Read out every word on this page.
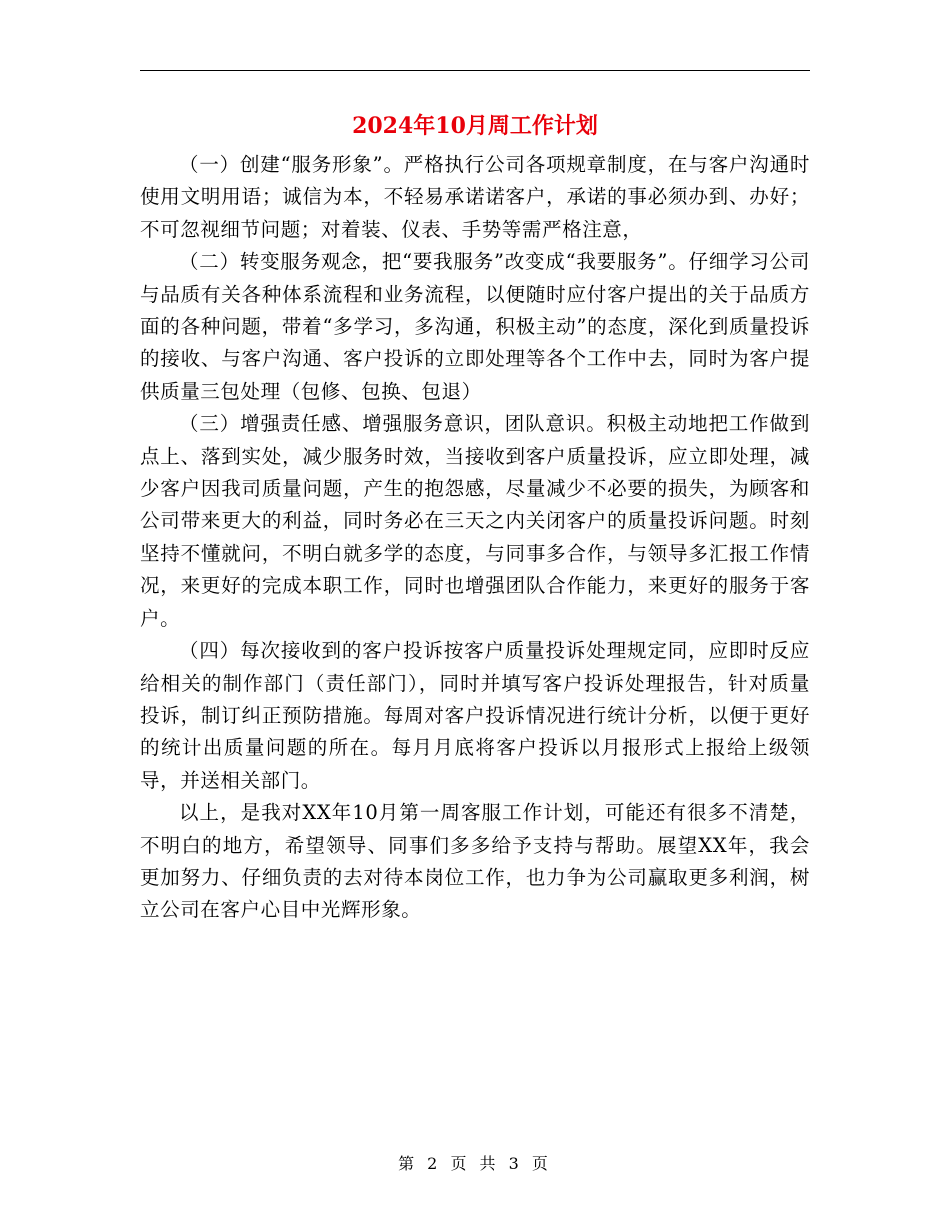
2024年10月周工作计划

（一）创建“服务形象”。严格执行公司各项规章制度，在与客户沟通时使用文明用语；诚信为本，不轻易承诺诺客户，承诺的事必须办到、办好；不可忽视细节问题；对着装、仪表、手势等需严格注意，

（二）转变服务观念，把“要我服务”改变成“我要服务”。仔细学习公司与品质有关各种体系流程和业务流程，以便随时应付客户提出的关于品质方面的各种问题，带着“多学习，多沟通，积极主动”的态度，深化到质量投诉的接收、与客户沟通、客户投诉的立即处理等各个工作中去，同时为客户提供质量三包处理（包修、包换、包退）

（三）增强责任感、增强服务意识，团队意识。积极主动地把工作做到点上、落到实处，减少服务时效，当接收到客户质量投诉，应立即处理，减少客户因我司质量问题，产生的抱怨感，尽量减少不必要的损失，为顾客和公司带来更大的利益，同时务必在三天之内关闭客户的质量投诉问题。时刻坚持不懂就问，不明白就多学的态度，与同事多合作，与领导多汇报工作情况，来更好的完成本职工作，同时也增强团队合作能力，来更好的服务于客户。

（四）每次接收到的客户投诉按客户质量投诉处理规定同，应即时反应给相关的制作部门（责任部门），同时并填写客户投诉处理报告，针对质量投诉，制订纠正预防措施。每周对客户投诉情况进行统计分析，以便于更好的统计出质量问题的所在。每月月底将客户投诉以月报形式上报给上级领导，并送相关部门。

以上，是我对XX年10月第一周客服工作计划，可能还有很多不清楚，不明白的地方，希望领导、同事们多多给予支持与帮助。展望XX年，我会更加努力、仔细负责的去对待本岗位工作，也力争为公司赢取更多利润，树立公司在客户心目中光辉形象。

第 2 页 共 3 页
